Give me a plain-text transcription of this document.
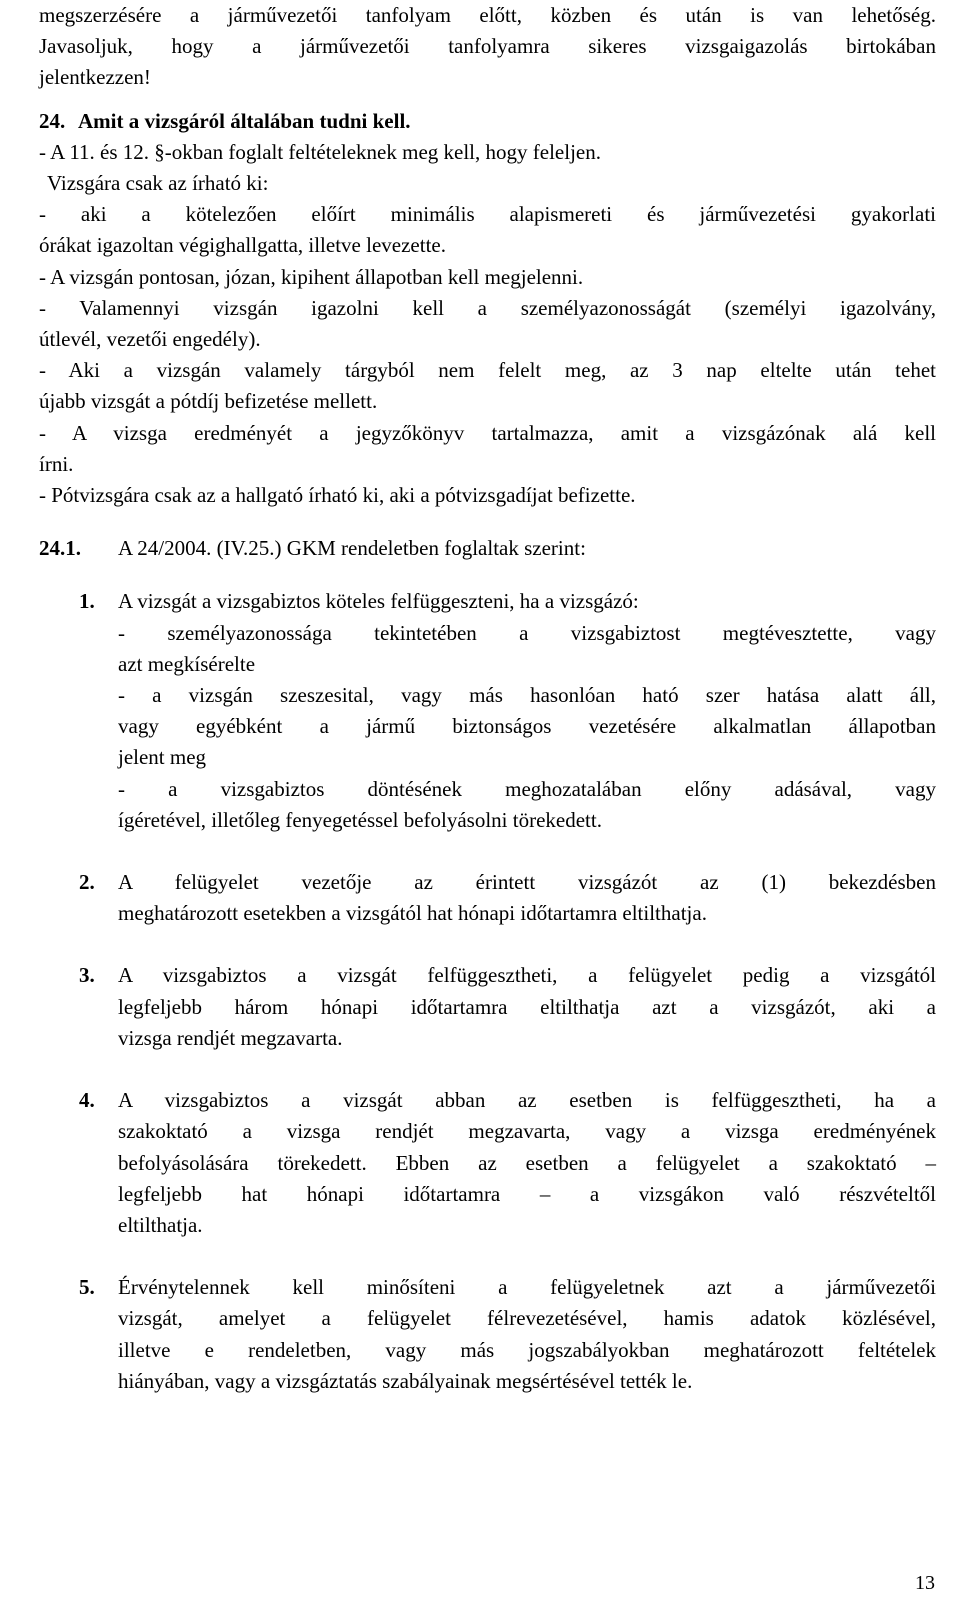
megszerzésére a járművezetői tanfolyam előtt, közben és után is van lehetőség.
Javasoljuk, hogy a járművezetői tanfolyamra sikeres vizsgaigazolás birtokában
jelentkezzen!
24. Amit a vizsgáról általában tudni kell.
- A 11. és 12. §-okban foglalt feltételeknek meg kell, hogy feleljen.
Vizsgára csak az írható ki:
- aki a kötelezően előírt minimális alapismereti és járművezetési gyakorlati
órákat igazoltan végighallgatta, illetve levezette.
- A vizsgán pontosan, józan, kipihent állapotban kell megjelenni.
- Valamennyi vizsgán igazolni kell a személyazonosságát (személyi igazolvány,
útlevél, vezetői engedély).
- Aki a vizsgán valamely tárgyból nem felelt meg, az 3 nap eltelte után tehet
újabb vizsgát a pótdíj befizetése mellett.
- A vizsga eredményét a jegyzőkönyv tartalmazza, amit a vizsgázónak alá kell
írni.
- Pótvizsgára csak az a hallgató írható ki, aki a pótvizsgadíjat befizette.
24.1. A 24/2004. (IV.25.) GKM rendeletben foglaltak szerint:
1.	A vizsgát a vizsgabiztos köteles felfüggeszteni, ha a vizsgázó:
- személyazonossága tekintetében a vizsgabiztost megtévesztette, vagy
azt megkísérelte
- a vizsgán szeszesital, vagy más hasonlóan ható szer hatása alatt áll,
vagy egyébként a jármű biztonságos vezetésére alkalmatlan állapotban
jelent meg
- a vizsgabiztos döntésének meghozatalában előny adásával, vagy
ígéretével, illetőleg fenyegetéssel befolyásolni törekedett.
2.	A felügyelet vezetője az érintett vizsgázót az (1) bekezdésben
meghatározott esetekben a vizsgától hat hónapi időtartamra eltilthatja.
3.	A vizsgabiztos a vizsgát felfüggesztheti, a felügyelet pedig a vizsgától
legfeljebb három hónapi időtartamra eltilthatja azt a vizsgázót, aki a
vizsga rendjét megzavarta.
4.	A vizsgabiztos a vizsgát abban az esetben is felfüggesztheti, ha a
szakoktató a vizsga rendjét megzavarta, vagy a vizsga eredményének
befolyásolására törekedett. Ebben az esetben a felügyelet a szakoktató –
legfeljebb hat hónapi időtartamra – a vizsgákon való részvételtől
eltilthatja.
5.	Érvénytelennek kell minősíteni a felügyeletnek azt a járművezetői
vizsgát, amelyet a felügyelet félrevezetésével, hamis adatok közlésével,
illetve e rendeletben, vagy más jogszabályokban meghatározott feltételek
hiányában, vagy a vizsgáztatás szabályainak megsértésével tették le.
13
